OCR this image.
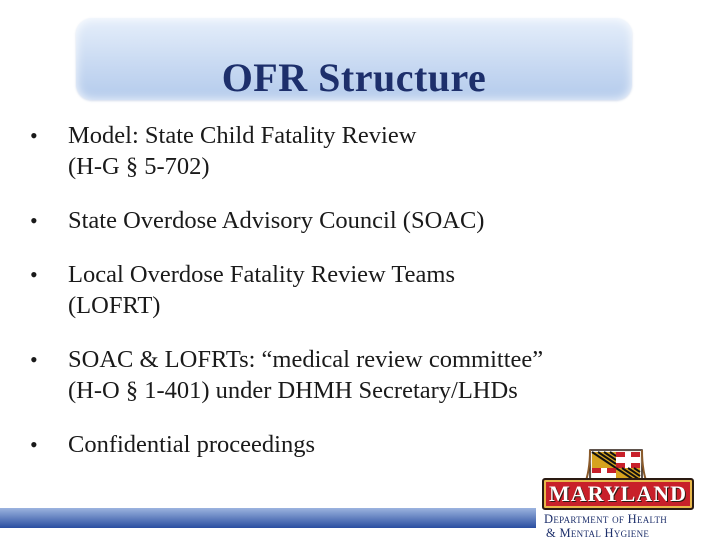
OFR Structure
• Model: State Child Fatality Review
(H-G § 5-702)
• State Overdose Advisory Council (SOAC)
• Local Overdose Fatality Review Teams
(LOFRT)
• SOAC & LOFRTs: “medical review committee”
(H-O § 1-401) under DHMH Secretary/LHDs
• Confidential proceedings
MARYLAND
Department of Health
& Mental Hygiene
